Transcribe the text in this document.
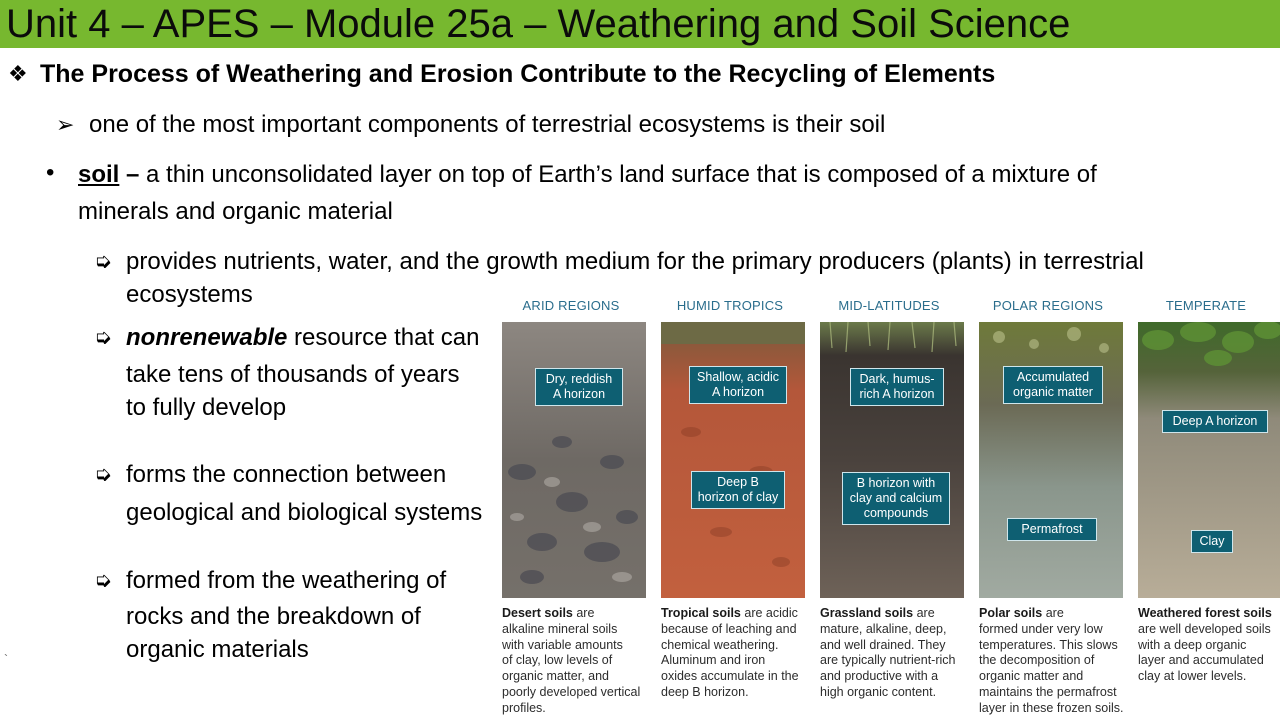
Unit 4 – APES – Module 25a – Weathering and Soil Science
❖ The Process of Weathering and Erosion Contribute to the Recycling of Elements
➢ one of the most important components of terrestrial ecosystems is their soil
• soil – a thin unconsolidated layer on top of Earth’s land surface that is composed of a mixture of
minerals and organic material
➭ provides nutrients, water, and the growth medium for the primary producers (plants) in terrestrial
ecosystems
➭ nonrenewable resource that can
take tens of thousands of years
to fully develop
➭ forms the connection between
geological and biological systems
➭ formed from the weathering of
rocks and the breakdown of
organic materials
`
ARID REGIONS
Dry, reddish
A horizon
Desert soils are
alkaline mineral soils
with variable amounts
of clay, low levels of
organic matter, and
poorly developed vertical
profiles.
HUMID TROPICS
Shallow, acidic
A horizon
Deep B
horizon of clay
Tropical soils are acidic
because of leaching and
chemical weathering.
Aluminum and iron
oxides accumulate in the
deep B horizon.
MID-LATITUDES
Dark, humus-
rich A horizon
B horizon with
clay and calcium
compounds
Grassland soils are
mature, alkaline, deep,
and well drained. They
are typically nutrient-rich
and productive with a
high organic content.
POLAR REGIONS
Accumulated
organic matter
Permafrost
Polar soils are
formed under very low
temperatures. This slows
the decomposition of
organic matter and
maintains the permafrost
layer in these frozen soils.
TEMPERATE
Deep A horizon
Clay
Weathered forest soils
are well developed soils
with a deep organic
layer and accumulated
clay at lower levels.
